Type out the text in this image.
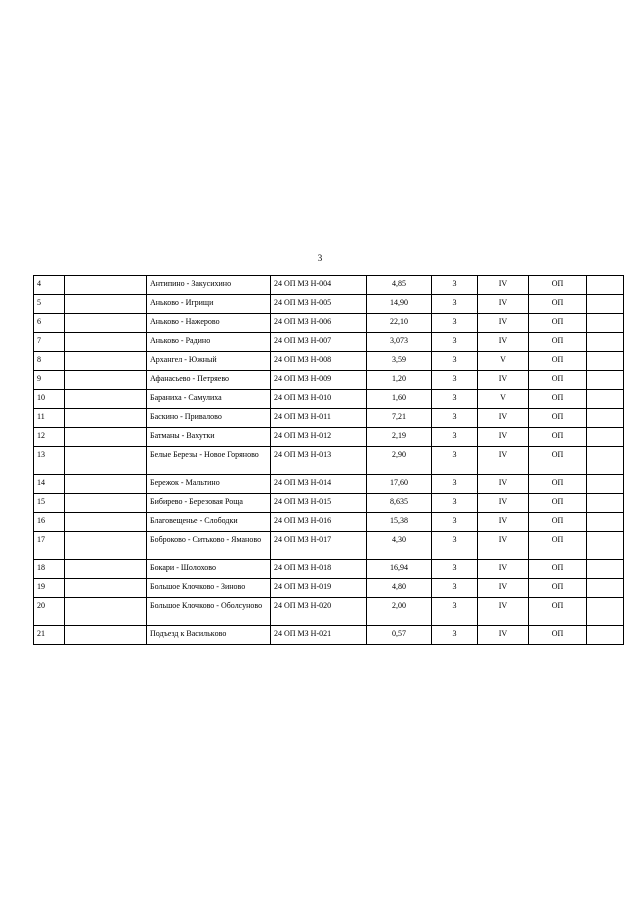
3
4		Антипино - Закусихино	24 ОП МЗ Н-004	4,85	3	IV	ОП	
5		Аньково - Игрищи	24 ОП МЗ Н-005	14,90	3	IV	ОП	
6		Аньково - Нажерово	24 ОП МЗ Н-006	22,10	3	IV	ОП	
7		Аньково - Радино	24 ОП МЗ Н-007	3,073	3	IV	ОП	
8		Архангел - Южный	24 ОП МЗ Н-008	3,59	3	V	ОП	
9		Афанасьево - Петряево	24 ОП МЗ Н-009	1,20	3	IV	ОП	
10		Бараниха - Самулиха	24 ОП МЗ Н-010	1,60	3	V	ОП	
11		Баскино - Привалово	24 ОП МЗ Н-011	7,21	3	IV	ОП	
12		Батманы - Вахутки	24 ОП МЗ Н-012	2,19	3	IV	ОП	
13		Белые Березы - Новое Горяново	24 ОП МЗ Н-013	2,90	3	IV	ОП	
14		Бережок - Мальтино	24 ОП МЗ Н-014	17,60	3	IV	ОП	
15		Бибирево - Березовая Роща	24 ОП МЗ Н-015	8,635	3	IV	ОП	
16		Благовещенье - Слободки	24 ОП МЗ Н-016	15,38	3	IV	ОП	
17		Боброково - Ситьково - Ямановo	24 ОП МЗ Н-017	4,30	3	IV	ОП	
18		Бокари - Шолохово	24 ОП МЗ Н-018	16,94	3	IV	ОП	
19		Большое Клочково - Зиново	24 ОП МЗ Н-019	4,80	3	IV	ОП	
20		Большое Клочково - Оболсуново	24 ОП МЗ Н-020	2,00	3	IV	ОП	
21		Подъезд к Василькoво	24 ОП МЗ Н-021	0,57	3	IV	ОП	
